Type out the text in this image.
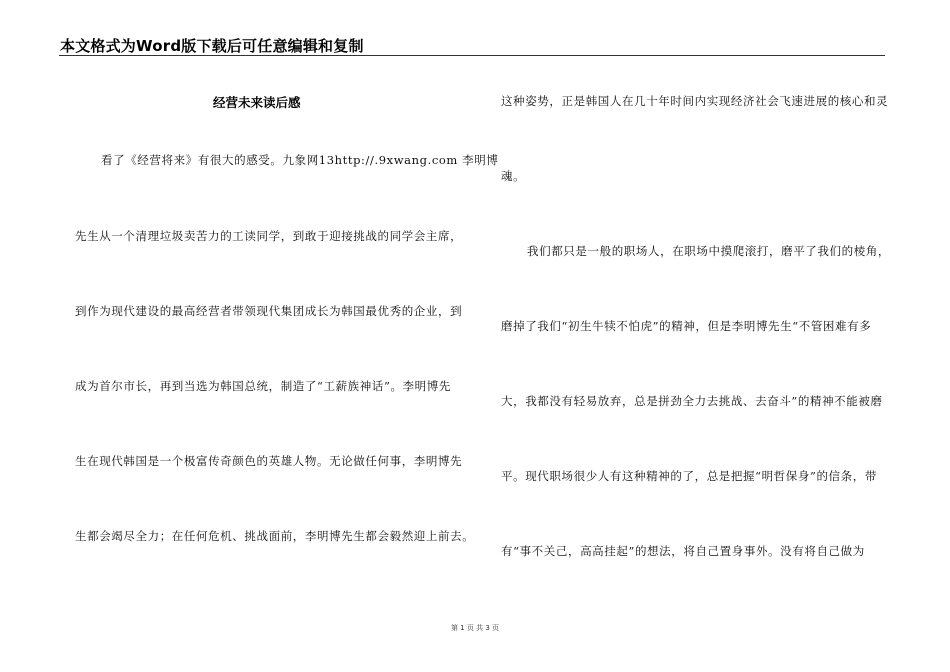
本文格式为Word版下载后可任意编辑和复制
经营未来读后感
看了《经营将来》有很大的感受。九象网13http://.9xwang.com 李明博
先生从一个清理垃圾卖苦力的工读同学，到敢于迎接挑战的同学会主席，
到作为现代建设的最高经营者带领现代集团成长为韩国最优秀的企业，到
成为首尔市长，再到当选为韩国总统，制造了“工薪族神话”。李明博先
生在现代韩国是一个极富传奇颜色的英雄人物。无论做任何事，李明博先
生都会竭尽全力；在任何危机、挑战面前，李明博先生都会毅然迎上前去。
这种姿势，正是韩国人在几十年时间内实现经济社会飞速进展的核心和灵
魂。
我们都只是一般的职场人，在职场中摸爬滚打，磨平了我们的棱角，
磨掉了我们“初生牛犊不怕虎”的精神，但是李明博先生“不管困难有多
大，我都没有轻易放弃，总是拼劲全力去挑战、去奋斗”的精神不能被磨
平。现代职场很少人有这种精神的了，总是把握“明哲保身”的信条，带
有“事不关己，高高挂起”的想法，将自己置身事外。没有将自己做为
第 1 页 共 3 页
